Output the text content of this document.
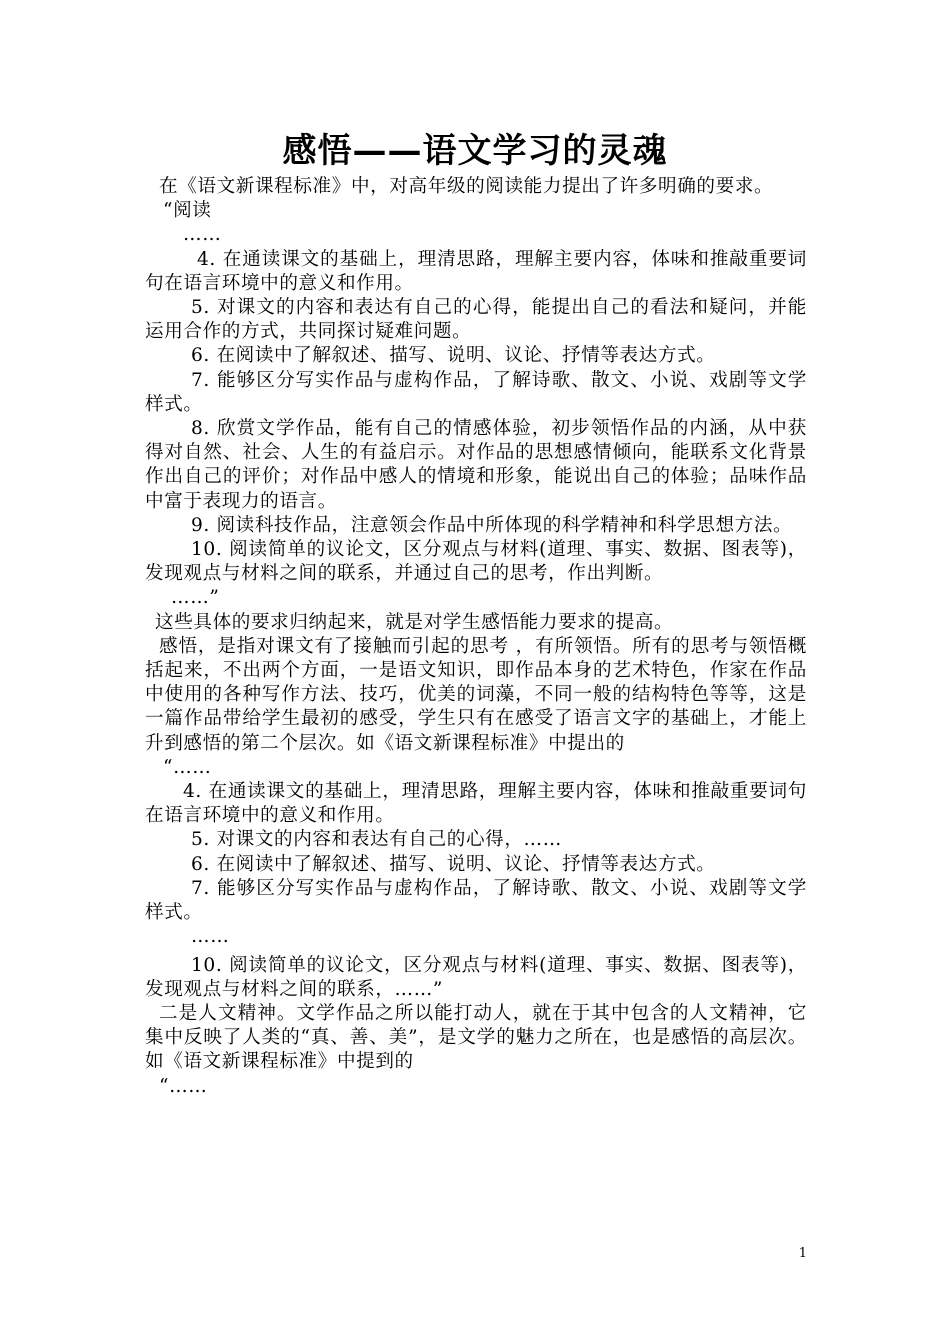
感悟——语文学习的灵魂

在《语文新课程标准》中，对高年级的阅读能力提出了许多明确的要求。

“阅读

……

4. 在通读课文的基础上，理清思路，理解主要内容，体味和推敲重要词句在语言环境中的意义和作用。

5. 对课文的内容和表达有自己的心得，能提出自己的看法和疑问，并能运用合作的方式，共同探讨疑难问题。

6. 在阅读中了解叙述、描写、说明、议论、抒情等表达方式。

7. 能够区分写实作品与虚构作品，了解诗歌、散文、小说、戏剧等文学样式。

8. 欣赏文学作品，能有自己的情感体验，初步领悟作品的内涵，从中获得对自然、社会、人生的有益启示。对作品的思想感情倾向，能联系文化背景作出自己的评价；对作品中感人的情境和形象，能说出自己的体验；品味作品中富于表现力的语言。

9. 阅读科技作品，注意领会作品中所体现的科学精神和科学思想方法。

10. 阅读简单的议论文，区分观点与材料(道理、事实、数据、图表等)，发现观点与材料之间的联系，并通过自己的思考，作出判断。

……”

这些具体的要求归纳起来，就是对学生感悟能力要求的提高。

感悟，是指对课文有了接触而引起的思考 ，有所领悟。所有的思考与领悟概括起来，不出两个方面，一是语文知识，即作品本身的艺术特色，作家在作品中使用的各种写作方法、技巧，优美的词藻，不同一般的结构特色等等，这是一篇作品带给学生最初的感受，学生只有在感受了语言文字的基础上，才能上升到感悟的第二个层次。如《语文新课程标准》中提出的

“……

4. 在通读课文的基础上，理清思路，理解主要内容，体味和推敲重要词句在语言环境中的意义和作用。

5. 对课文的内容和表达有自己的心得，……

6. 在阅读中了解叙述、描写、说明、议论、抒情等表达方式。

7. 能够区分写实作品与虚构作品，了解诗歌、散文、小说、戏剧等文学样式。

……

10. 阅读简单的议论文，区分观点与材料(道理、事实、数据、图表等)，发现观点与材料之间的联系，……”

二是人文精神。文学作品之所以能打动人，就在于其中包含的人文精神，它集中反映了人类的“真、善、美”，是文学的魅力之所在，也是感悟的高层次。如《语文新课程标准》中提到的

“……

1
